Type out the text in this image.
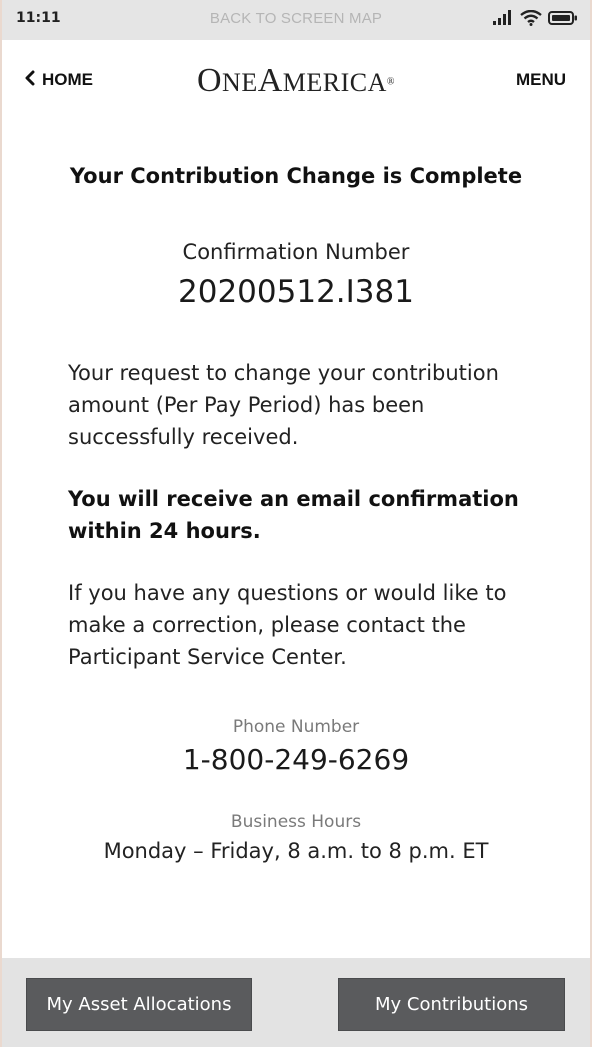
11:11	BACK TO SCREEN MAP
HOME	ONEAMERICA®	MENU
Your Contribution Change is Complete
Confirmation Number
20200512.I381
Your request to change your contribution amount (Per Pay Period) has been successfully received.
You will receive an email confirmation within 24 hours.
If you have any questions or would like to make a correction, please contact the Participant Service Center.
Phone Number
1-800-249-6269
Business Hours
Monday – Friday, 8 a.m. to 8 p.m. ET
My Asset Allocations	My Contributions
